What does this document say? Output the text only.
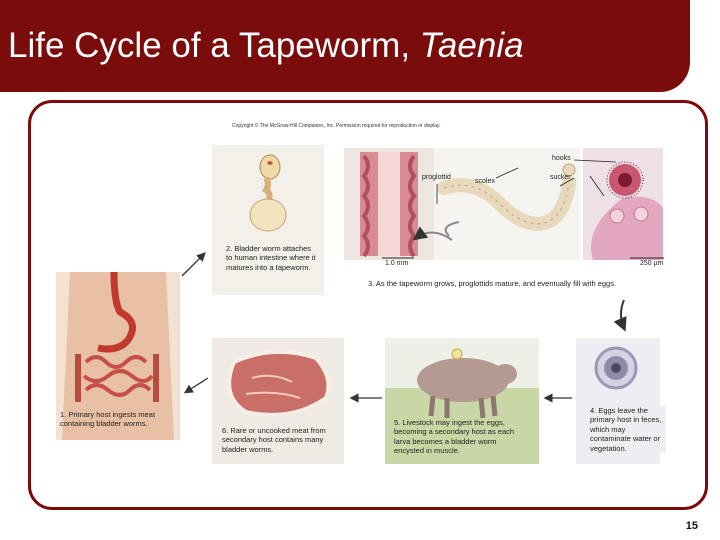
Life Cycle of a Tapeworm, Taenia
Copyright © The McGraw-Hill Companies, Inc. Permission required for reproduction or display.
2. Bladder worm attaches to human intestine where it matures into a tapeworm.
hooks
proglottid
scolex
sucker
1.0 mm	250 µm
3. As the tapeworm grows, proglottids mature, and eventually fill with eggs.
1. Primary host ingests meat containing bladder worms.
6. Rare or uncooked meat from secondary host contains many bladder worms.
5. Livestock may ingest the eggs, becoming a secondary host as each larva becomes a bladder worm encysted in muscle.
4. Eggs leave the primary host in feces, which may contaminate water or vegetation.
15
